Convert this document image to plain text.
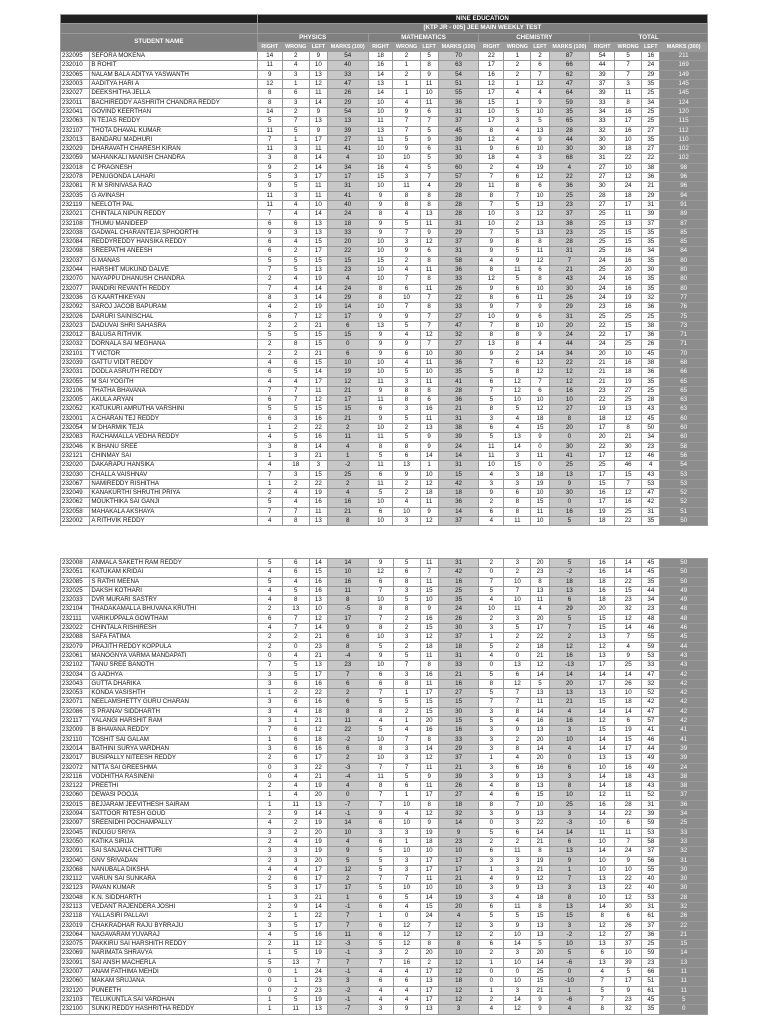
		NINE EDUCATION															
		[KTP JR - 005] JEE MAIN WEEKLY TEST															
STUDENT NAME		PHYSICS				MATHEMATICS				CHEMISTRY				TOTAL			
		RIGHT	WRONG	LEFT	MARKS (100)	RIGHT	WRONG	LEFT	MARKS (100)	RIGHT	WRONG	LEFT	MARKS (100)	RIGHT	WRONG	LEFT	MARKS (300)
232095	SEFORA MOKENA	14	2	9	54	18	2	5	70	22	1	2	87	54	5	16	211
232010	B ROHIT	11	4	10	40	16	1	8	63	17	2	6	66	44	7	24	169
232065	NALAM BALA ADITYA YASWANTH	9	3	13	33	14	2	9	54	16	2	7	62	39	7	29	149
232003	AADITYA HARI A	12	1	12	47	13	1	11	51	12	1	12	47	37	3	35	145
232027	DEEKSHITHA JELLA	8	6	11	26	14	1	10	55	17	4	4	64	39	11	25	145
232011	BACHIREDDY AASHRITH CHANDRA REDDY	8	3	14	29	10	4	11	36	15	1	9	59	33	8	34	124
232041	GOVIND KEERTHAN	14	2	9	54	10	9	6	31	10	5	10	35	34	16	25	120
232063	N TEJAS REDDY	5	7	13	13	11	7	7	37	17	3	5	65	33	17	25	115
232107	THOTA DHAVAL KUMAR	11	5	9	39	13	7	5	45	8	4	13	28	32	16	27	112
232013	BANDARU MADHURI	7	1	17	27	11	5	9	39	12	4	9	44	30	10	35	110
232029	DHARAVATH CHARESH KIRAN	11	3	11	41	10	9	6	31	9	6	10	30	30	18	27	102
232059	MAHANKALI MANISH CHANDRA	3	8	14	4	10	10	5	30	18	4	3	68	31	22	22	102
232018	C PRAGNESH	9	2	14	34	16	4	5	60	2	4	19	4	27	10	38	98
232078	PENUGONDA LAHARI	5	3	17	17	15	3	7	57	7	6	12	22	27	12	36	96
232081	R M SRINIVASA RAO	9	5	11	31	10	11	4	29	11	8	6	36	30	24	21	96
232035	G AVINASH	11	3	11	41	9	8	8	28	8	7	10	25	28	18	29	94
232119	NEELOTH PAL	11	4	10	40	9	8	8	28	7	5	13	23	27	17	31	91
232021	CHINTALA NIPUN REDDY	7	4	14	24	8	4	13	28	10	3	12	37	25	11	39	89
232108	THUMU MANIDEEP	6	6	13	18	9	5	11	31	10	2	13	38	25	13	37	87
232038	GADWAL CHARANTEJA SPHOORTHI	9	3	13	33	9	7	9	29	7	5	13	23	25	15	35	85
232084	REDDYREDDY HANSIKA REDDY	6	4	15	20	10	3	12	37	9	8	8	28	25	15	35	85
232098	SREEPATHI ANEESH	6	2	17	22	10	9	6	31	9	5	11	31	25	16	34	84
232037	G.MANAS	5	5	15	15	15	2	8	58	4	9	12	7	24	16	35	80
232044	HARSHIT MUKUND DALVE	7	5	13	23	10	4	11	36	8	11	6	21	25	20	30	80
232070	NAYAPPU DHANUSH CHANDRA	2	4	19	4	10	7	8	33	12	5	8	43	24	16	35	80
232077	PANDIRI REVANTH REDDY	7	4	14	24	8	6	11	26	9	6	10	30	24	16	35	80
232036	G KAARTHIKEYAN	8	3	14	29	8	10	7	22	8	6	11	26	24	19	32	77
232092	SAROJ JACOB BAPURAM	4	2	19	14	10	7	8	33	9	7	9	29	23	16	36	76
232026	DARURI SAINISCHAL	6	7	12	17	9	9	7	27	10	9	6	31	25	25	25	75
232023	DADUVAI SHRI SAHASRA	2	2	21	6	13	5	7	47	7	8	10	20	22	15	38	73
232012	BALUSA RITHVIK	5	5	15	15	9	4	12	32	8	8	9	24	22	17	36	71
232032	DORNALA SAI MEGHANA	2	8	15	0	9	9	7	27	13	8	4	44	24	25	26	71
232101	T VICTOR	2	2	21	6	9	6	10	30	9	2	14	34	20	10	45	70
232039	GATTU VIDIT REDDY	4	6	15	10	10	4	11	36	7	6	12	22	21	16	38	68
232031	DODLA ASRUTH REDDY	6	5	14	19	10	5	10	35	5	8	12	12	21	18	36	66
232055	M SAI YOGITH	4	4	17	12	11	3	11	41	6	12	7	12	21	19	35	65
232106	THATHA BHAVANA	7	7	11	21	9	8	8	28	7	12	6	16	23	27	25	65
232005	AKULA ARYAN	6	7	12	17	11	8	6	36	5	10	10	10	22	25	28	63
232052	KATUKURI AMRUTHA VARSHINI	5	5	15	15	6	3	16	21	8	5	12	27	19	13	43	63
232001	A CHARAN TEJ REDDY	6	3	16	21	9	5	11	31	3	4	18	8	18	12	45	60
232054	M DHARMIK TEJA	1	2	22	2	10	2	13	38	6	4	15	20	17	8	50	60
232083	RACHAMALLA VEDHA REDDY	4	5	16	11	11	5	9	39	5	13	9	0	20	21	34	60
232046	K BHANU SREE	3	8	14	4	8	8	9	24	11	14	0	30	22	30	23	58
232121	CHINMAY SAI	1	3	21	1	5	6	14	14	11	3	11	41	17	12	46	56
232020	DAKARAPU HANSIKA	4	18	3	-2	11	13	1	31	10	15	0	25	25	46	4	54
232030	CHALLA VAISHNAV	7	3	15	25	6	9	10	15	4	3	18	13	17	15	43	53
232067	NAMIREDDY RISHITHA	1	2	22	2	11	2	12	42	3	3	19	9	15	7	53	53
232049	KANAKURTHI SHRUTHI PRIYA	2	4	19	4	5	2	18	18	9	6	10	30	16	12	47	52
232062	MOUKTHIKA SAI GANJI	5	4	16	16	10	4	11	36	2	8	15	0	17	16	42	52
232058	MAHAKALA AKSHAYA	7	7	11	21	6	10	9	14	6	8	11	16	19	25	31	51
232002	A RITHVIK REDDY	4	8	13	8	10	3	12	37	4	11	10	5	18	22	35	50
232008	ANMALA SAKETH RAM REDDY	5	6	14	14	9	5	11	31	2	3	20	5	16	14	45	50
232051	KATUKAM KRIDAI	4	6	15	10	12	6	7	42	0	2	23	-2	16	14	45	50
232085	S RATHI MEENA	5	4	16	16	6	8	11	16	7	10	8	18	18	22	35	50
232025	DAKSH KOTHARI	4	5	16	11	7	3	15	25	5	7	13	13	16	15	44	49
232033	DVR MURARI SASTRY	4	8	13	8	10	5	10	35	4	10	11	6	18	23	34	49
232104	THADAKAMALLA BHUVANA KRUTHI	2	13	10	-5	8	8	9	24	10	11	4	29	20	32	23	48
232111	VARIKUPPALA GOWTHAM	6	7	12	17	7	2	16	26	2	3	20	5	15	12	48	48
232022	CHINTALA RISHIRESH	4	7	14	9	8	2	15	30	3	5	17	7	15	14	46	46
232088	SAFA FATIMA	2	2	21	6	10	3	12	37	1	2	22	2	13	7	55	45
232079	PRAJITH REDDY KOPPULA	2	0	23	8	5	2	18	18	5	2	18	12	12	4	59	44
232061	MANOGNYA VARMA MANDAPATI	0	4	21	-4	9	5	11	31	4	0	21	16	13	9	53	43
232102	TANU SREE BANOTH	7	5	13	23	10	7	8	33	0	13	12	-13	17	25	33	43
232034	G AADHYA	3	5	17	7	6	3	16	21	5	6	14	14	14	14	47	42
232043	GUTTA DHARIKA	3	6	16	6	6	8	11	16	8	12	5	20	17	26	32	42
232053	KONDA VASISHTH	1	2	22	2	7	1	17	27	5	7	13	13	13	10	52	42
232071	NEELAMSHETTY GURU CHARAN	3	6	16	6	5	5	15	15	7	7	11	21	15	18	42	42
232086	S PRANAV SIDDHARTH	3	4	18	8	8	2	15	30	3	8	14	4	14	14	47	42
232117	YALANGI HARSHIT RAM	3	1	21	11	4	1	20	15	5	4	16	16	12	6	57	42
232009	B BHAVANA REDDY	7	6	12	22	5	4	16	16	3	9	13	3	15	19	41	41
232110	TOSHIT SAI GALAM	1	6	18	-2	10	7	8	33	3	2	20	10	14	15	46	41
232014	BATHINI SURYA VARDHAN	3	6	16	6	8	3	14	29	3	8	14	4	14	17	44	39
232017	BUSIPALLY NITEESH REDDY	2	6	17	2	10	3	12	37	1	4	20	0	13	13	49	39
232072	NITTA SAI GREESHMA	0	3	22	-3	7	7	11	21	3	6	16	6	10	16	49	24
232116	VODHITHA RASINENI	0	4	21	-4	11	5	9	39	3	9	13	3	14	18	43	38
232122	PREETHI	2	4	19	4	8	6	11	26	4	8	13	8	14	18	43	38
232060	DEWASI POOJA	1	4	20	0	7	1	17	27	4	6	15	10	12	11	52	37
232015	BEJJARAM JEEVITHESH SAIRAM	1	11	13	-7	7	10	8	18	8	7	10	25	16	28	31	36
232094	SATTOOR RITESH GOUD	2	9	14	-1	9	4	12	32	3	9	13	3	14	22	39	34
232097	SREENIDHI POCHAMPALLY	4	2	19	14	6	10	9	14	0	3	22	-3	10	6	59	25
232045	INDUGU SRIYA	3	2	20	10	3	3	19	9	5	6	14	14	11	11	53	33
232050	KATIKA SIRIJA	2	4	19	4	6	1	18	23	2	2	21	6	10	7	58	33
232091	SAI SANJANA CHITTURI	3	3	19	9	5	10	10	10	6	11	8	13	14	24	37	32
232040	GNV SRIVADAN	2	3	20	5	5	3	17	17	3	3	19	9	10	9	56	31
232068	NANUBALA DIKSHA	4	4	17	12	5	3	17	17	1	3	21	1	10	10	55	30
232112	VARUN SAI SUNKARA	2	6	17	2	7	7	11	21	4	9	12	7	13	22	40	30
232123	PAVAN KUMAR	5	3	17	17	5	10	10	10	3	9	13	3	13	22	40	30
232048	K.N. SIDDHARTH	1	3	21	1	6	5	14	19	3	4	18	8	10	12	53	28
232113	VEDANT RAJENDERA JOSHI	2	9	14	-1	6	4	15	20	6	11	8	13	14	30	31	32
232118	YALLASIRI PALLAVI	2	1	22	7	1	0	24	4	5	5	15	15	8	6	61	26
232019	CHAKRADHAR RAJU BYRRAJU	3	5	17	7	6	12	7	12	3	9	13	3	12	26	37	22
232064	NAGAVARAM YUVARAJ	4	5	16	11	6	12	7	12	2	10	13	-2	12	27	36	21
232075	PAKKIRU SAI HARSHITH REDDY	2	11	12	-3	5	12	8	8	6	14	5	10	13	37	25	15
232069	NARIMATA SHRAVYA	1	5	19	-1	3	2	20	10	2	3	20	5	6	10	59	14
232091	SAI ANSH MACHERLA	5	13	7	7	7	16	2	12	1	10	14	-6	13	39	23	13
232007	ANAM FATHIMA MEHDI	0	1	24	-1	4	4	17	12	0	0	25	0	4	5	66	11
232060	MAKAM SRUJANA	0	1	23	3	6	6	13	18	0	10	15	-10	7	17	51	11
232120	PUNEETH	0	2	23	-2	4	4	17	12	1	3	21	1	5	9	61	11
232103	TELUKUNTLA SAI VARDHAN	1	5	19	-1	4	4	17	12	2	14	9	-6	7	23	45	5
232100	SUNKI REDDY HASHRITHA REDDY	1	11	13	-7	3	9	13	3	4	12	9	4	8	32	35	0
